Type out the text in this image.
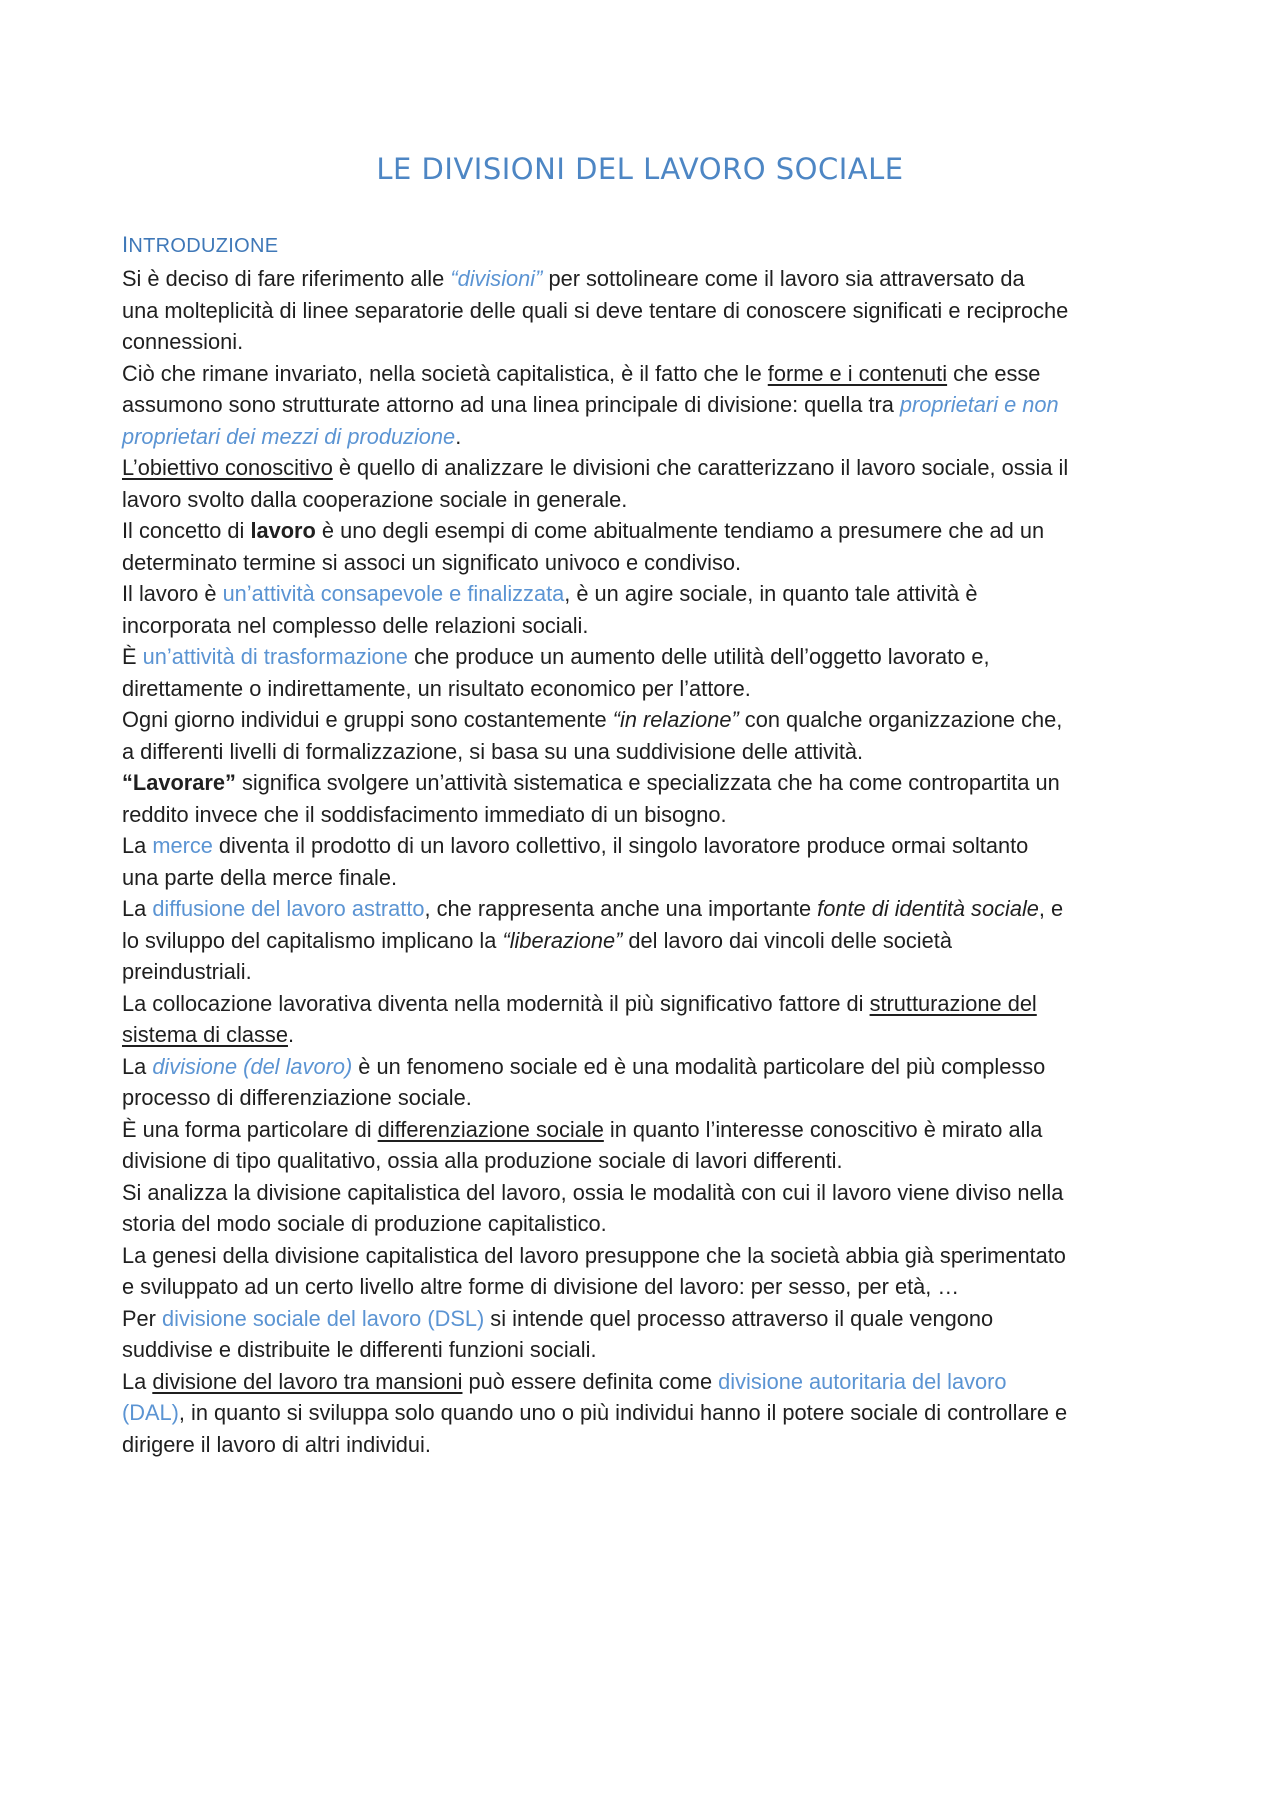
LE DIVISIONI DEL LAVORO SOCIALE
INTRODUZIONE
Si è deciso di fare riferimento alle “divisioni” per sottolineare come il lavoro sia attraversato da
una molteplicità di linee separatorie delle quali si deve tentare di conoscere significati e reciproche
connessioni.
Ciò che rimane invariato, nella società capitalistica, è il fatto che le forme e i contenuti che esse
assumono sono strutturate attorno ad una linea principale di divisione: quella tra proprietari e non
proprietari dei mezzi di produzione.
L’obiettivo conoscitivo è quello di analizzare le divisioni che caratterizzano il lavoro sociale, ossia il
lavoro svolto dalla cooperazione sociale in generale.
Il concetto di lavoro è uno degli esempi di come abitualmente tendiamo a presumere che ad un
determinato termine si associ un significato univoco e condiviso.
Il lavoro è un’attività consapevole e finalizzata, è un agire sociale, in quanto tale attività è
incorporata nel complesso delle relazioni sociali.
È un’attività di trasformazione che produce un aumento delle utilità dell’oggetto lavorato e,
direttamente o indirettamente, un risultato economico per l’attore.
Ogni giorno individui e gruppi sono costantemente “in relazione” con qualche organizzazione che,
a differenti livelli di formalizzazione, si basa su una suddivisione delle attività.
“Lavorare” significa svolgere un’attività sistematica e specializzata che ha come contropartita un
reddito invece che il soddisfacimento immediato di un bisogno.
La merce diventa il prodotto di un lavoro collettivo, il singolo lavoratore produce ormai soltanto
una parte della merce finale.
La diffusione del lavoro astratto, che rappresenta anche una importante fonte di identità sociale, e
lo sviluppo del capitalismo implicano la “liberazione” del lavoro dai vincoli delle società
preindustriali.
La collocazione lavorativa diventa nella modernità il più significativo fattore di strutturazione del
sistema di classe.
La divisione (del lavoro) è un fenomeno sociale ed è una modalità particolare del più complesso
processo di differenziazione sociale.
È una forma particolare di differenziazione sociale in quanto l’interesse conoscitivo è mirato alla
divisione di tipo qualitativo, ossia alla produzione sociale di lavori differenti.
Si analizza la divisione capitalistica del lavoro, ossia le modalità con cui il lavoro viene diviso nella
storia del modo sociale di produzione capitalistico.
La genesi della divisione capitalistica del lavoro presuppone che la società abbia già sperimentato
e sviluppato ad un certo livello altre forme di divisione del lavoro: per sesso, per età, …
Per divisione sociale del lavoro (DSL) si intende quel processo attraverso il quale vengono
suddivise e distribuite le differenti funzioni sociali.
La divisione del lavoro tra mansioni può essere definita come divisione autoritaria del lavoro
(DAL), in quanto si sviluppa solo quando uno o più individui hanno il potere sociale di controllare e
dirigere il lavoro di altri individui.
